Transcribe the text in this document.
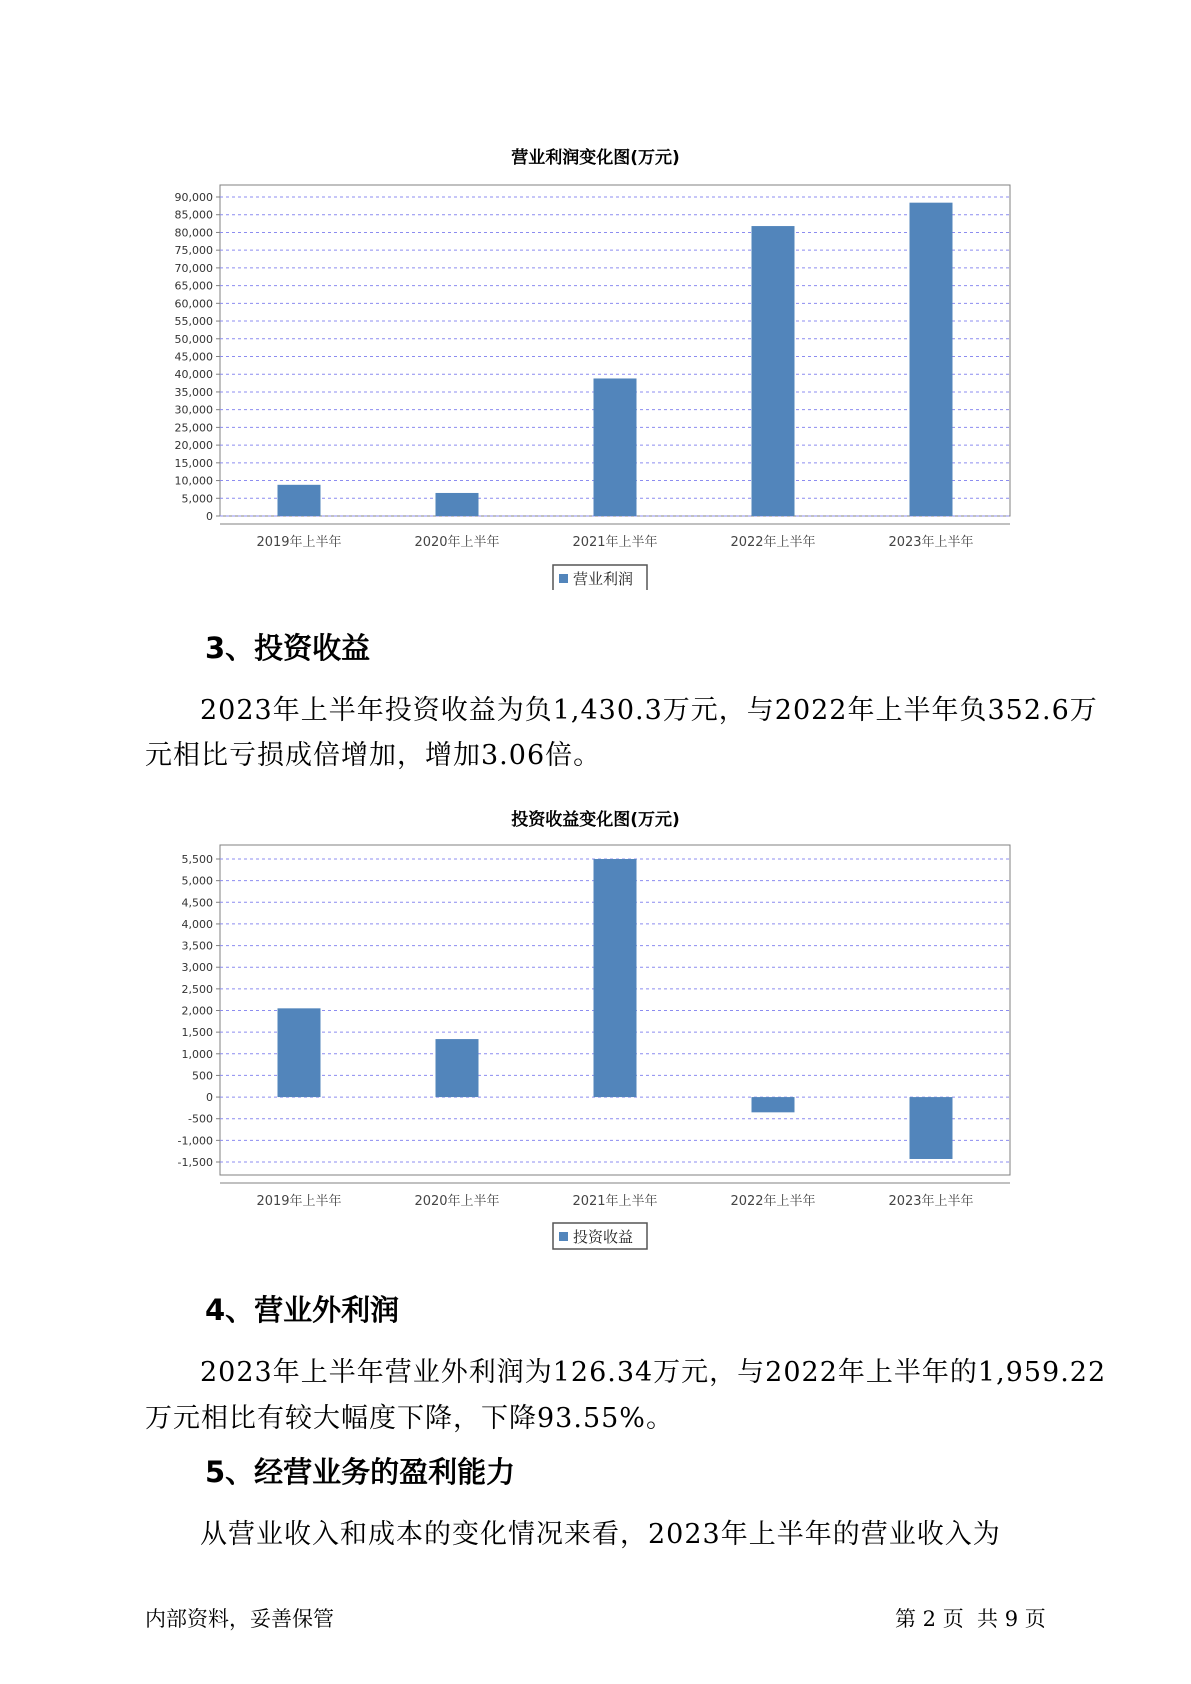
营业利润变化图(万元)
0
5,000
10,000
15,000
20,000
25,000
30,000
35,000
40,000
45,000
50,000
55,000
60,000
65,000
70,000
75,000
80,000
85,000
90,000
2019年上半年	2020年上半年	2021年上半年	2022年上半年	2023年上半年
营业利润
3、投资收益
2023年上半年投资收益为负1,430.3万元，与2022年上半年负352.6万
元相比亏损成倍增加，增加3.06倍。
投资收益变化图(万元)
-1,500
-1,000
-500
0
500
1,000
1,500
2,000
2,500
3,000
3,500
4,000
4,500
5,000
5,500
2019年上半年	2020年上半年	2021年上半年	2022年上半年	2023年上半年
投资收益
4、营业外利润
2023年上半年营业外利润为126.34万元，与2022年上半年的1,959.22
万元相比有较大幅度下降，下降93.55%。
5、经营业务的盈利能力
从营业收入和成本的变化情况来看，2023年上半年的营业收入为
内部资料，妥善保管	第 2 页  共 9 页
